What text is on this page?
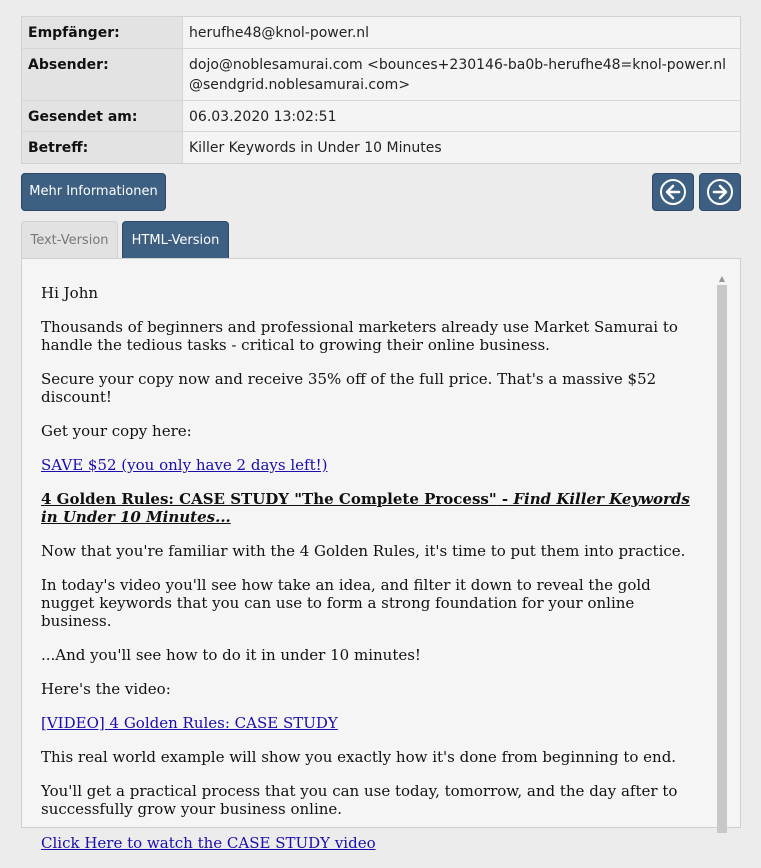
Empfänger:	herufhe48@knol-power.nl
Absender:	dojo@noblesamurai.com <bounces+230146-ba0b-herufhe48=knol-power.nl@sendgrid.noblesamurai.com>
Gesendet am:	06.03.2020 13:02:51
Betreff:	Killer Keywords in Under 10 Minutes
Mehr Informationen
Text-Version	HTML-Version

Hi John

Thousands of beginners and professional marketers already use Market Samurai to handle the tedious tasks - critical to growing their online business.

Secure your copy now and receive 35% off of the full price. That's a massive $52 discount!

Get your copy here:

SAVE $52 (you only have 2 days left!)

4 Golden Rules: CASE STUDY "The Complete Process" - Find Killer Keywords in Under 10 Minutes...

Now that you're familiar with the 4 Golden Rules, it's time to put them into practice.

In today's video you'll see how take an idea, and filter it down to reveal the gold nugget keywords that you can use to form a strong foundation for your online business.

...And you'll see how to do it in under 10 minutes!

Here's the video:

[VIDEO] 4 Golden Rules: CASE STUDY

This real world example will show you exactly how it's done from beginning to end.

You'll get a practical process that you can use today, tomorrow, and the day after to successfully grow your business online.

Click Here to watch the CASE STUDY video

▲
